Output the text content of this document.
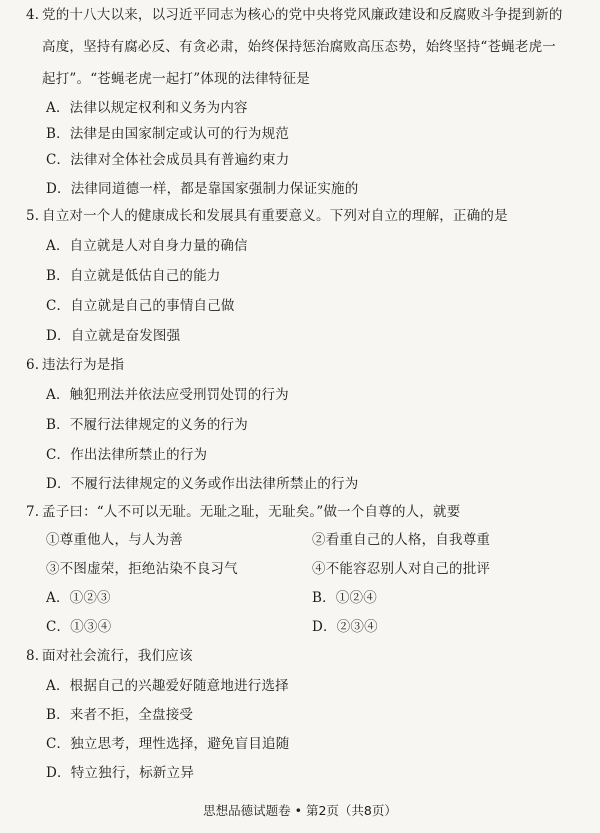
4. 党的十八大以来，以习近平同志为核心的党中央将党风廉政建设和反腐败斗争提到新的
高度，坚持有腐必反、有贪必肃，始终保持惩治腐败高压态势，始终坚持“苍蝇老虎一
起打”。“苍蝇老虎一起打”体现的法律特征是
A．法律以规定权利和义务为内容
B．法律是由国家制定或认可的行为规范
C．法律对全体社会成员具有普遍约束力
D．法律同道德一样，都是靠国家强制力保证实施的
5. 自立对一个人的健康成长和发展具有重要意义。下列对自立的理解，正确的是
A．自立就是人对自身力量的确信
B．自立就是低估自己的能力
C．自立就是自己的事情自己做
D．自立就是奋发图强
6. 违法行为是指
A．触犯刑法并依法应受刑罚处罚的行为
B．不履行法律规定的义务的行为
C．作出法律所禁止的行为
D．不履行法律规定的义务或作出法律所禁止的行为
7. 孟子曰：“人不可以无耻。无耻之耻，无耻矣。”做一个自尊的人，就要
①尊重他人，与人为善	②看重自己的人格，自我尊重
③不图虚荣，拒绝沾染不良习气	④不能容忍别人对自己的批评
A．①②③	B．①②④
C．①③④	D．②③④
8. 面对社会流行，我们应该
A．根据自己的兴趣爱好随意地进行选择
B．来者不拒，全盘接受
C．独立思考，理性选择，避免盲目追随
D．特立独行，标新立异
思想品德试题卷 • 第2页（共8页）
